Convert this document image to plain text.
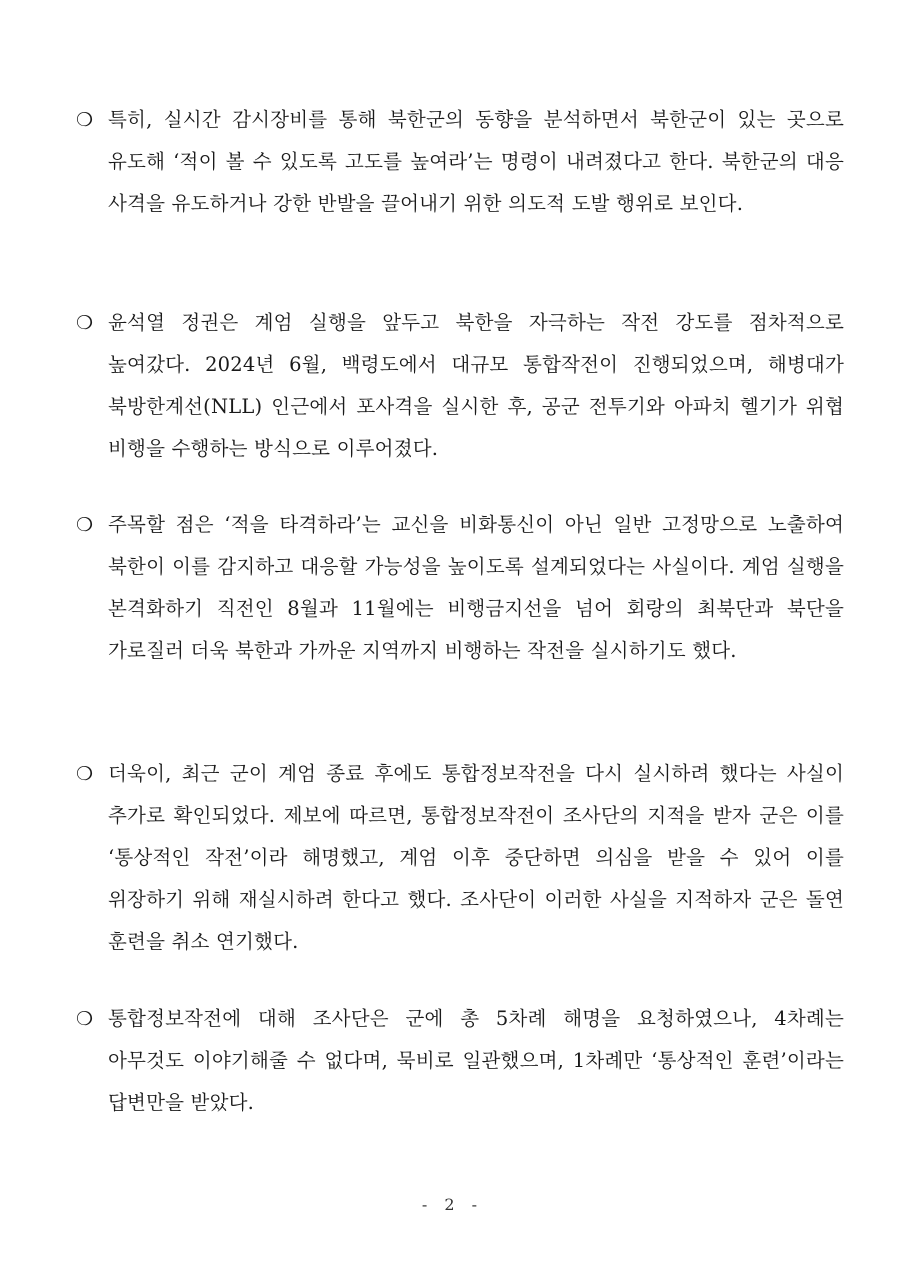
❍ 특히, 실시간 감시장비를 통해 북한군의 동향을 분석하면서 북한군이 있는 곳으로 유도해 ‘적이 볼 수 있도록 고도를 높여라’는 명령이 내려졌다고 한다. 북한군의 대응 사격을 유도하거나 강한 반발을 끌어내기 위한 의도적 도발 행위로 보인다.
❍ 윤석열 정권은 계엄 실행을 앞두고 북한을 자극하는 작전 강도를 점차적으로 높여갔다. 2024년 6월, 백령도에서 대규모 통합작전이 진행되었으며, 해병대가 북방한계선(NLL) 인근에서 포사격을 실시한 후, 공군 전투기와 아파치 헬기가 위협 비행을 수행하는 방식으로 이루어졌다.
❍ 주목할 점은 ‘적을 타격하라’는 교신을 비화통신이 아닌 일반 고정망으로 노출하여 북한이 이를 감지하고 대응할 가능성을 높이도록 설계되었다는 사실이다. 계엄 실행을 본격화하기 직전인 8월과 11월에는 비행금지선을 넘어 회랑의 최북단과 북단을 가로질러 더욱 북한과 가까운 지역까지 비행하는 작전을 실시하기도 했다.
❍ 더욱이, 최근 군이 계엄 종료 후에도 통합정보작전을 다시 실시하려 했다는 사실이 추가로 확인되었다. 제보에 따르면, 통합정보작전이 조사단의 지적을 받자 군은 이를 ‘통상적인 작전’이라 해명했고, 계엄 이후 중단하면 의심을 받을 수 있어 이를 위장하기 위해 재실시하려 한다고 했다. 조사단이 이러한 사실을 지적하자 군은 돌연 훈련을 취소 연기했다.
❍ 통합정보작전에 대해 조사단은 군에 총 5차례 해명을 요청하였으나, 4차례는 아무것도 이야기해줄 수 없다며, 묵비로 일관했으며, 1차례만 ‘통상적인 훈련’이라는 답변만을 받았다.
- 2 -
